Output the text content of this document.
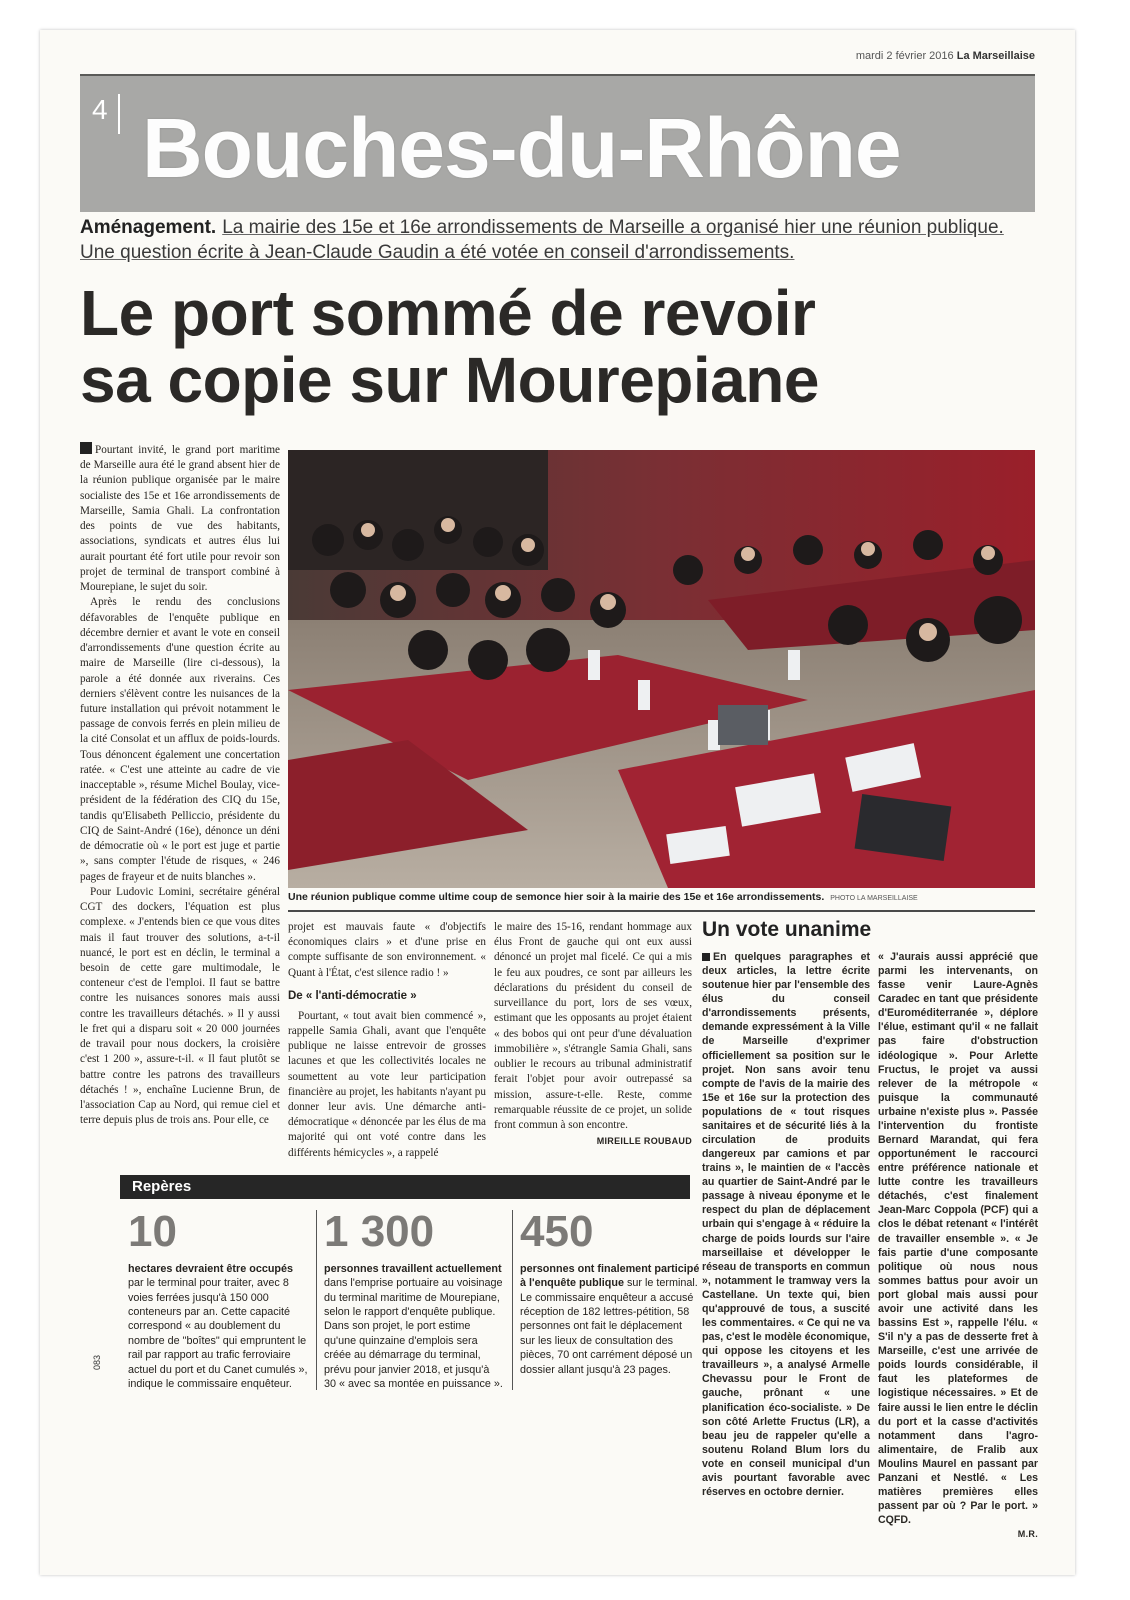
mardi 2 février 2016 La Marseillaise
4 Bouches-du-Rhône
Aménagement. La mairie des 15e et 16e arrondissements de Marseille a organisé hier une réunion publique. Une question écrite à Jean-Claude Gaudin a été votée en conseil d'arrondissements.
Le port sommé de revoir
sa copie sur Mourepiane

Pourtant invité, le grand port maritime de Marseille aura été le grand absent hier de la réunion publique organisée par le maire socialiste des 15e et 16e arrondissements de Marseille, Samia Ghali. La confrontation des points de vue des habitants, associations, syndicats et autres élus lui aurait pourtant été fort utile pour revoir son projet de terminal de transport combiné à Mourepiane, le sujet du soir.

Après le rendu des conclusions défavorables de l'enquête publique en décembre dernier et avant le vote en conseil d'arrondissements d'une question écrite au maire de Marseille (lire ci-dessous), la parole a été donnée aux riverains. Ces derniers s'élèvent contre les nuisances de la future installation qui prévoit notamment le passage de convois ferrés en plein milieu de la cité Consolat et un afflux de poids-lourds. Tous dénoncent également une concertation ratée. « C'est une atteinte au cadre de vie inacceptable », résume Michel Boulay, vice-président de la fédération des CIQ du 15e, tandis qu'Elisabeth Pelliccio, présidente du CIQ de Saint-André (16e), dénonce un déni de démocratie où « le port est juge et partie », sans compter l'étude de risques, « 246 pages de frayeur et de nuits blanches ».

Pour Ludovic Lomini, secrétaire général CGT des dockers, l'équation est plus complexe. « J'entends bien ce que vous dites mais il faut trouver des solutions, a-t-il nuancé, le port est en déclin, le terminal a besoin de cette gare multimodale, le conteneur c'est de l'emploi. Il faut se battre contre les nuisances sonores mais aussi contre les travailleurs détachés. » Il y aussi le fret qui a disparu soit « 20 000 journées de travail pour nous dockers, la croisière c'est 1 200 », assure-t-il. « Il faut plutôt se battre contre les patrons des travailleurs détachés ! », enchaîne Lucienne Brun, de l'association Cap au Nord, qui remue ciel et terre depuis plus de trois ans. Pour elle, ce

Une réunion publique comme ultime coup de semonce hier soir à la mairie des 15e et 16e arrondissements. PHOTO LA MARSEILLAISE

projet est mauvais faute « d'objectifs économiques clairs » et d'une prise en compte suffisante de son environnement. « Quant à l'État, c'est silence radio ! »

De « l'anti-démocratie »

Pourtant, « tout avait bien commencé », rappelle Samia Ghali, avant que l'enquête publique ne laisse entrevoir de grosses lacunes et que les collectivités locales ne soumettent au vote leur participation financière au projet, les habitants n'ayant pu donner leur avis. Une démarche anti-démocratique « dénoncée par les élus de ma majorité qui ont voté contre dans les différents hémicycles », a rappelé

le maire des 15-16, rendant hommage aux élus Front de gauche qui ont eux aussi dénoncé un projet mal ficelé. Ce qui a mis le feu aux poudres, ce sont par ailleurs les déclarations du président du conseil de surveillance du port, lors de ses vœux, estimant que les opposants au projet étaient « des bobos qui ont peur d'une dévaluation immobilière », s'étrangle Samia Ghali, sans oublier le recours au tribunal administratif ferait l'objet pour avoir outrepassé sa mission, assure-t-elle. Reste, comme remarquable réussite de ce projet, un solide front commun à son encontre.

MIREILLE ROUBAUD
Un vote unanime

En quelques paragraphes et deux articles, la lettre écrite soutenue hier par l'ensemble des élus du conseil d'arrondissements présents, demande expressément à la Ville de Marseille d'exprimer officiellement sa position sur le projet. Non sans avoir tenu compte de l'avis de la mairie des 15e et 16e sur la protection des populations de « tout risques sanitaires et de sécurité liés à la circulation de produits dangereux par camions et par trains », le maintien de « l'accès au quartier de Saint-André par le passage à niveau éponyme et le respect du plan de déplacement urbain qui s'engage à « réduire la charge de poids lourds sur l'aire marseillaise et développer le réseau de transports en commun », notamment le tramway vers la Castellane. Un texte qui, bien qu'approuvé de tous, a suscité les commentaires. « Ce qui ne va pas, c'est le modèle économique, qui oppose les citoyens et les travailleurs », a analysé Armelle Chevassu pour le Front de gauche, prônant « une planification éco-socialiste. » De son côté Arlette Fructus (LR), a beau jeu de rappeler qu'elle a soutenu Roland Blum lors du vote en conseil municipal d'un avis pourtant favorable avec réserves en octobre dernier.

« J'aurais aussi apprécié que parmi les intervenants, on fasse venir Laure-Agnès Caradec en tant que présidente d'Euroméditerranée », déplore l'élue, estimant qu'il « ne fallait pas faire d'obstruction idéologique ». Pour Arlette Fructus, le projet va aussi relever de la métropole « puisque la communauté urbaine n'existe plus ». Passée l'intervention du frontiste Bernard Marandat, qui fera opportunément le raccourci entre préférence nationale et lutte contre les travailleurs détachés, c'est finalement Jean-Marc Coppola (PCF) qui a clos le débat retenant « l'intérêt de travailler ensemble ». « Je fais partie d'une composante politique où nous nous sommes battus pour avoir un port global mais aussi pour avoir une activité dans les bassins Est », rappelle l'élu. « S'il n'y a pas de desserte fret à Marseille, c'est une arrivée de poids lourds considérable, il faut les plateformes de logistique nécessaires. » Et de faire aussi le lien entre le déclin du port et la casse d'activités notamment dans l'agro-alimentaire, de Fralib aux Moulins Maurel en passant par Panzani et Nestlé. « Les matières premières elles passent par où ? Par le port. » CQFD.

M.R.
Repères
10
hectares devraient être occupés par le terminal pour traiter, avec 8 voies ferrées jusqu'à 150 000 conteneurs par an. Cette capacité correspond « au doublement du nombre de "boîtes" qui empruntent le rail par rapport au trafic ferroviaire actuel du port et du Canet cumulés », indique le commissaire enquêteur.
1 300
personnes travaillent actuellement dans l'emprise portuaire au voisinage du terminal maritime de Mourepiane, selon le rapport d'enquête publique. Dans son projet, le port estime qu'une quinzaine d'emplois sera créée au démarrage du terminal, prévu pour janvier 2018, et jusqu'à 30 « avec sa montée en puissance ».
450
personnes ont finalement participé à l'enquête publique sur le terminal. Le commissaire enquêteur a accusé réception de 182 lettres-pétition, 58 personnes ont fait le déplacement sur les lieux de consultation des pièces, 70 ont carrément déposé un dossier allant jusqu'à 23 pages.
083
